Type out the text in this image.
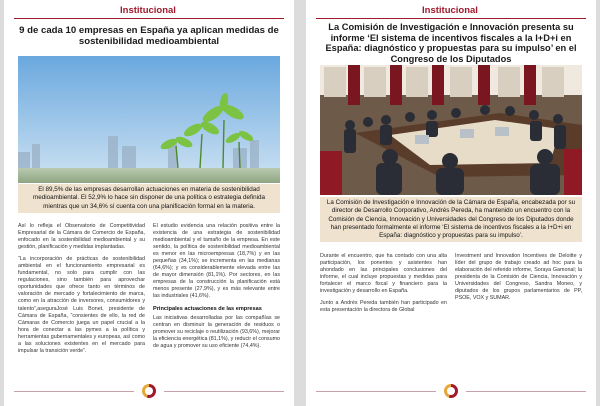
Institucional
9 de cada 10 empresas en España ya aplican medidas de sostenibilidad medioambiental
El 89,5% de las empresas desarrollan actuaciones en materia de sostenibilidad medioambiental. El 52,9% lo hace sin disponer de una política o estrategia definida mientras que un 34,6% sí cuenta con una planificación formal en la materia.

Así lo refleja el Observatorio de Competitividad Empresarial de la Cámara de Comercio de España, enfocado en la sostenibilidad medioambiental y su gestión, planificación y medidas implantadas.

“La incorporación de prácticas de sostenibilidad ambiental en el funcionamiento empresarial es fundamental, no solo para cumplir con las regulaciones, sino también para aprovechar oportunidades que ofrece tanto en términos de valoración de mercado y fortalecimiento de marca, como en la atracción de inversores, consumidores y talento”,aseguraJosé Luis Bonet, presidente de Cámara de España, “consientes de ello, la red de Cámaras de Comercio juega un papel crucial a la hora de conectar a las pymes a la política y herramientas gubernamentales y europeas, así como a las soluciones existentes en el mercado para impulsar la transición verde”.

El estudio evidencia una relación positiva entre la existencia de una estrategia de sostenibilidad medioambiental y el tamaño de la empresa. En este sentido, la política de sostenibilidad medioambiental es menor en las microempresas (18,7%) y en las pequeñas (34,1%); se incrementa en las medianas (64,6%); y es considerablemente elevada entre las de mayor dimensión (81,1%). Por sectores, en las empresas de la construcción la planificación está menos presente (27,9%), y es más relevante entre las industriales (41,6%).

Principales actuaciones de las empresas

Las iniciativas desarrolladas por las compañías se centran en disminuir la generación de residuos o promover su reciclaje o reutilización (93,6%), mejorar la eficiencia energética (81,1%), y reducir el consumo de agua y promover su uso eficiente (74,4%).

Institucional
La Comisión de Investigación e Innovación presenta su informe ‘El sistema de incentivos fiscales a la I+D+i en España: diagnóstico y propuestas para su impulso’ en el Congreso de los Diputados
La Comisión de Investigación e Innovación de la Cámara de España, encabezada por su director de Desarrollo Corporativo, Andrés Pereda, ha mantenido un encuentro con la Comisión de Ciencia, Innovación y Universidades del Congreso de los Diputados donde han presentado formalmente el informe ‘El sistema de incentivos fiscales a la I+D+i en España: diagnóstico y propuestas para su impulso’.

Durante el encuentro, que ha contado con una alta participación, los ponentes y asistentes han ahondado en las principales conclusiones del informe, el cual incluye propuestas y medidas para fortalecer el marco fiscal y financiero para la investigación y desarrollo en España.

Junto a Andrés Pereda también han participado en esta presentación la directora de Global

Investment and Innovation Incentives de Deloitte y líder del grupo de trabajo creado ad hoc para la elaboración del referido informe, Soraya Gamonal; la presidenta de la Comisión de Ciencia, Innovación y Universidades del Congreso, Sandra Moneo, y diputados de los grupos parlamentarios de PP, PSOE, VOX y SUMAR.
